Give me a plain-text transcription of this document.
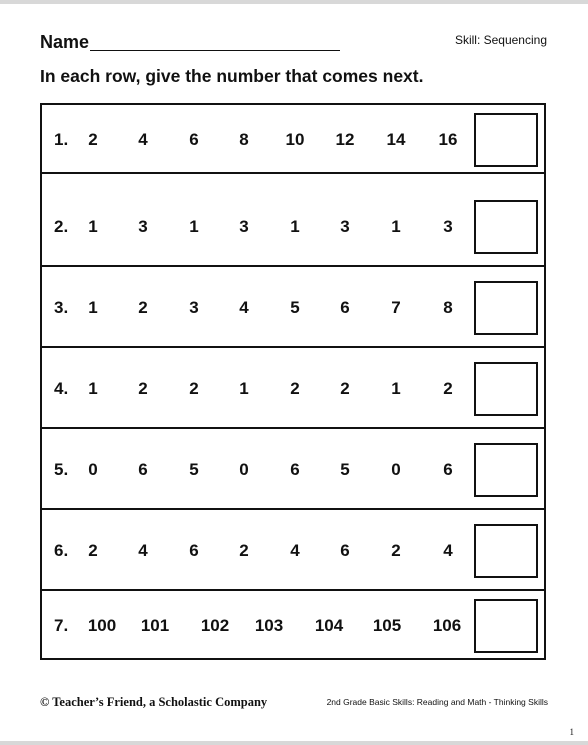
Name	Skill: Sequencing
In each row, give the number that comes next.
1. 2 4 6 8 10 12 14 16
2. 1 3 1 3 1 3 1	3
3. 1 2 3 4 5 6 7	8
4. 1 2 2 1 2 2 1	2
5. 0 6 5 0 6 5 0	6
6. 2 4 6 2 4 6 2	4
7. 100 101 102 103 104 105 106
© Teacher’s Friend, a Scholastic Company	2nd Grade Basic Skills: Reading and Math - Thinking Skills
1
